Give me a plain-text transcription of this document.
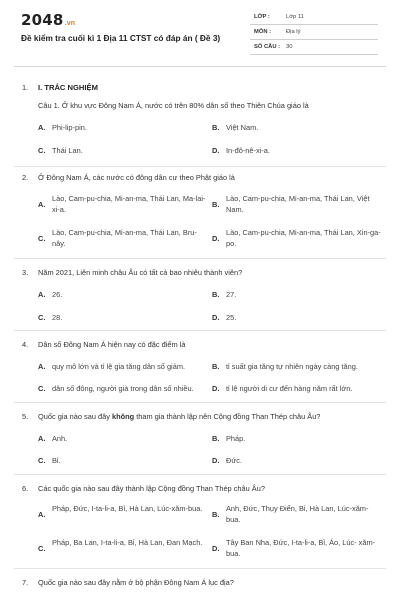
2048.vn
Đề kiểm tra cuối kì 1 Địa 11 CTST có đáp án ( Đề 3)
LỚP :	Lớp 11
MÔN :	Địa lý
SỐ CÂU : 30
1. I. TRẮC NGHIỆM
Câu 1. Ở khu vực Đông Nam Á, nước có trên 80% dân số theo Thiên Chúa giáo là
A. Phi-lip-pin.	B. Việt Nam.
C. Thái Lan.	D. In-đô-nê-xi-a.
2. Ở Đông Nam Á, các nước có đông dân cư theo Phật giáo là
A.
Lào, Cam-pu-chia, Mi-an-ma, Thái Lan, Ma-lai-xi-a.	B.
Lào, Cam-pu-chia, Mi-an-ma, Thái Lan, Việt Nam.
C.
Lào, Cam-pu-chia, Mi-an-ma, Thái Lan, Bru-nây.	D.
Lào, Cam-pu-chia, Mi-an-ma, Thái Lan, Xin-ga-po.
3. Năm 2021, Liên minh châu Âu có tất cả bao nhiêu thành viên?
A. 26.	B. 27.
C. 28.	D. 25.
4. Dân số Đông Nam Á hiện nay có đặc điểm là
A. quy mô lớn và tỉ lệ gia tăng dân số giảm.	B. tỉ suất gia tăng tự nhiên ngày càng tăng.
C. dân số đông, người già trong dân số nhiều. D. tỉ lệ người di cư đến hàng năm rất lớn.
5. Quốc gia nào sau đây không tham gia thành lập nên Cộng đồng Than Thép châu Âu?
A. Anh.	B. Pháp.
C. Bỉ.	D. Đức.
6. Các quốc gia nào sau đây thành lập Cộng đồng Than Thép châu Âu?
A.
Pháp, Đức, I-ta-li-a, Bỉ, Hà Lan, Lúc-xăm-bua.
B.
Anh, Đức, Thụy Điển, Bỉ, Hà Lan, Lúc-xăm-bua.
C.
Pháp, Ba Lan, I-ta-li-a, Bỉ, Hà Lan, Đan Mạch.
D.
Tây Ban Nha, Đức, I-ta-li-a, Bỉ, Áo, Lúc- xăm-bua.
7. Quốc gia nào sau đây nằm ở bộ phận Đông Nam Á lục địa?
